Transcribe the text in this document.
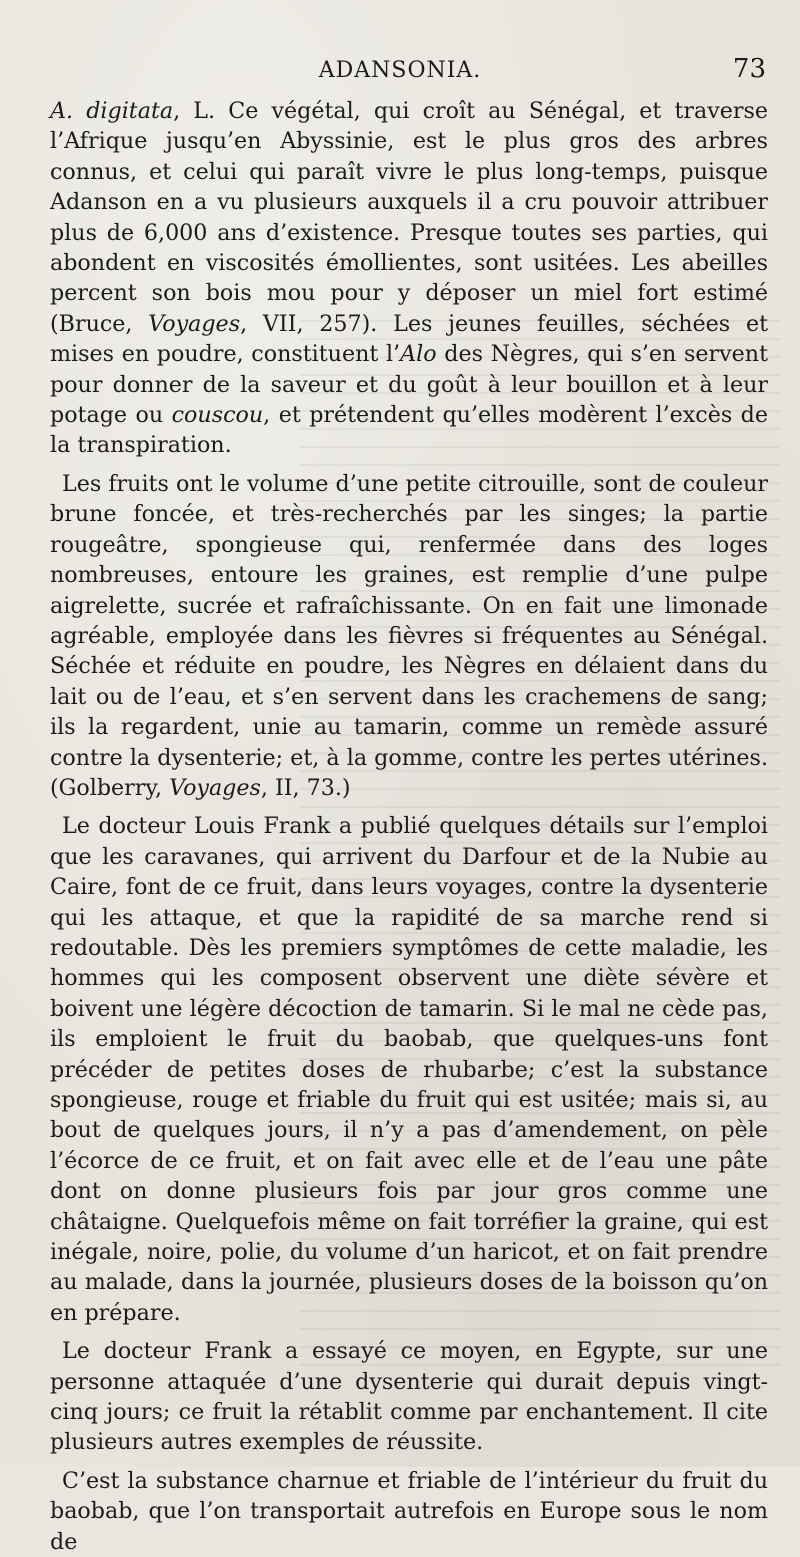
ADANSONIA.	73

A. digitata, L. Ce végétal, qui croît au Sénégal, et traverse l’Afrique jusqu’en Abyssinie, est le plus gros des arbres connus, et celui qui paraît vivre le plus long-temps, puisque Adanson en a vu plusieurs auxquels il a cru pouvoir attribuer plus de 6,000 ans d’existence. Presque toutes ses parties, qui abondent en viscosités émollientes, sont usitées. Les abeilles percent son bois mou pour y déposer un miel fort estimé (Bruce, Voyages, VII, 257). Les jeunes feuilles, séchées et mises en poudre, constituent l’Alo des Nègres, qui s’en servent pour donner de la saveur et du goût à leur bouillon et à leur potage ou couscou, et prétendent qu’elles modèrent l’excès de la transpiration.

Les fruits ont le volume d’une petite citrouille, sont de couleur brune foncée, et très-recherchés par les singes; la partie rougeâtre, spongieuse qui, renfermée dans des loges nombreuses, entoure les graines, est remplie d’une pulpe aigrelette, sucrée et rafraîchissante. On en fait une limonade agréable, employée dans les fièvres si fréquentes au Sénégal. Séchée et réduite en poudre, les Nègres en délaient dans du lait ou de l’eau, et s’en servent dans les crachemens de sang; ils la regardent, unie au tamarin, comme un remède assuré contre la dysenterie; et, à la gomme, contre les pertes utérines. (Golberry, Voyages, II, 73.)

Le docteur Louis Frank a publié quelques détails sur l’emploi que les caravanes, qui arrivent du Darfour et de la Nubie au Caire, font de ce fruit, dans leurs voyages, contre la dysenterie qui les attaque, et que la rapidité de sa marche rend si redoutable. Dès les premiers symptômes de cette maladie, les hommes qui les composent observent une diète sévère et boivent une légère décoction de tamarin. Si le mal ne cède pas, ils emploient le fruit du baobab, que quelques-uns font précéder de petites doses de rhubarbe; c’est la substance spongieuse, rouge et friable du fruit qui est usitée; mais si, au bout de quelques jours, il n’y a pas d’amendement, on pèle l’écorce de ce fruit, et on fait avec elle et de l’eau une pâte dont on donne plusieurs fois par jour gros comme une châtaigne. Quelquefois même on fait torréfier la graine, qui est inégale, noire, polie, du volume d’un haricot, et on fait prendre au malade, dans la journée, plusieurs doses de la boisson qu’on en prépare.

Le docteur Frank a essayé ce moyen, en Egypte, sur une personne attaquée d’une dysenterie qui durait depuis vingt-cinq jours; ce fruit la rétablit comme par enchantement. Il cite plusieurs autres exemples de réussite.

C’est la substance charnue et friable de l’intérieur du fruit du baobab, que l’on transportait autrefois en Europe sous le nom de
